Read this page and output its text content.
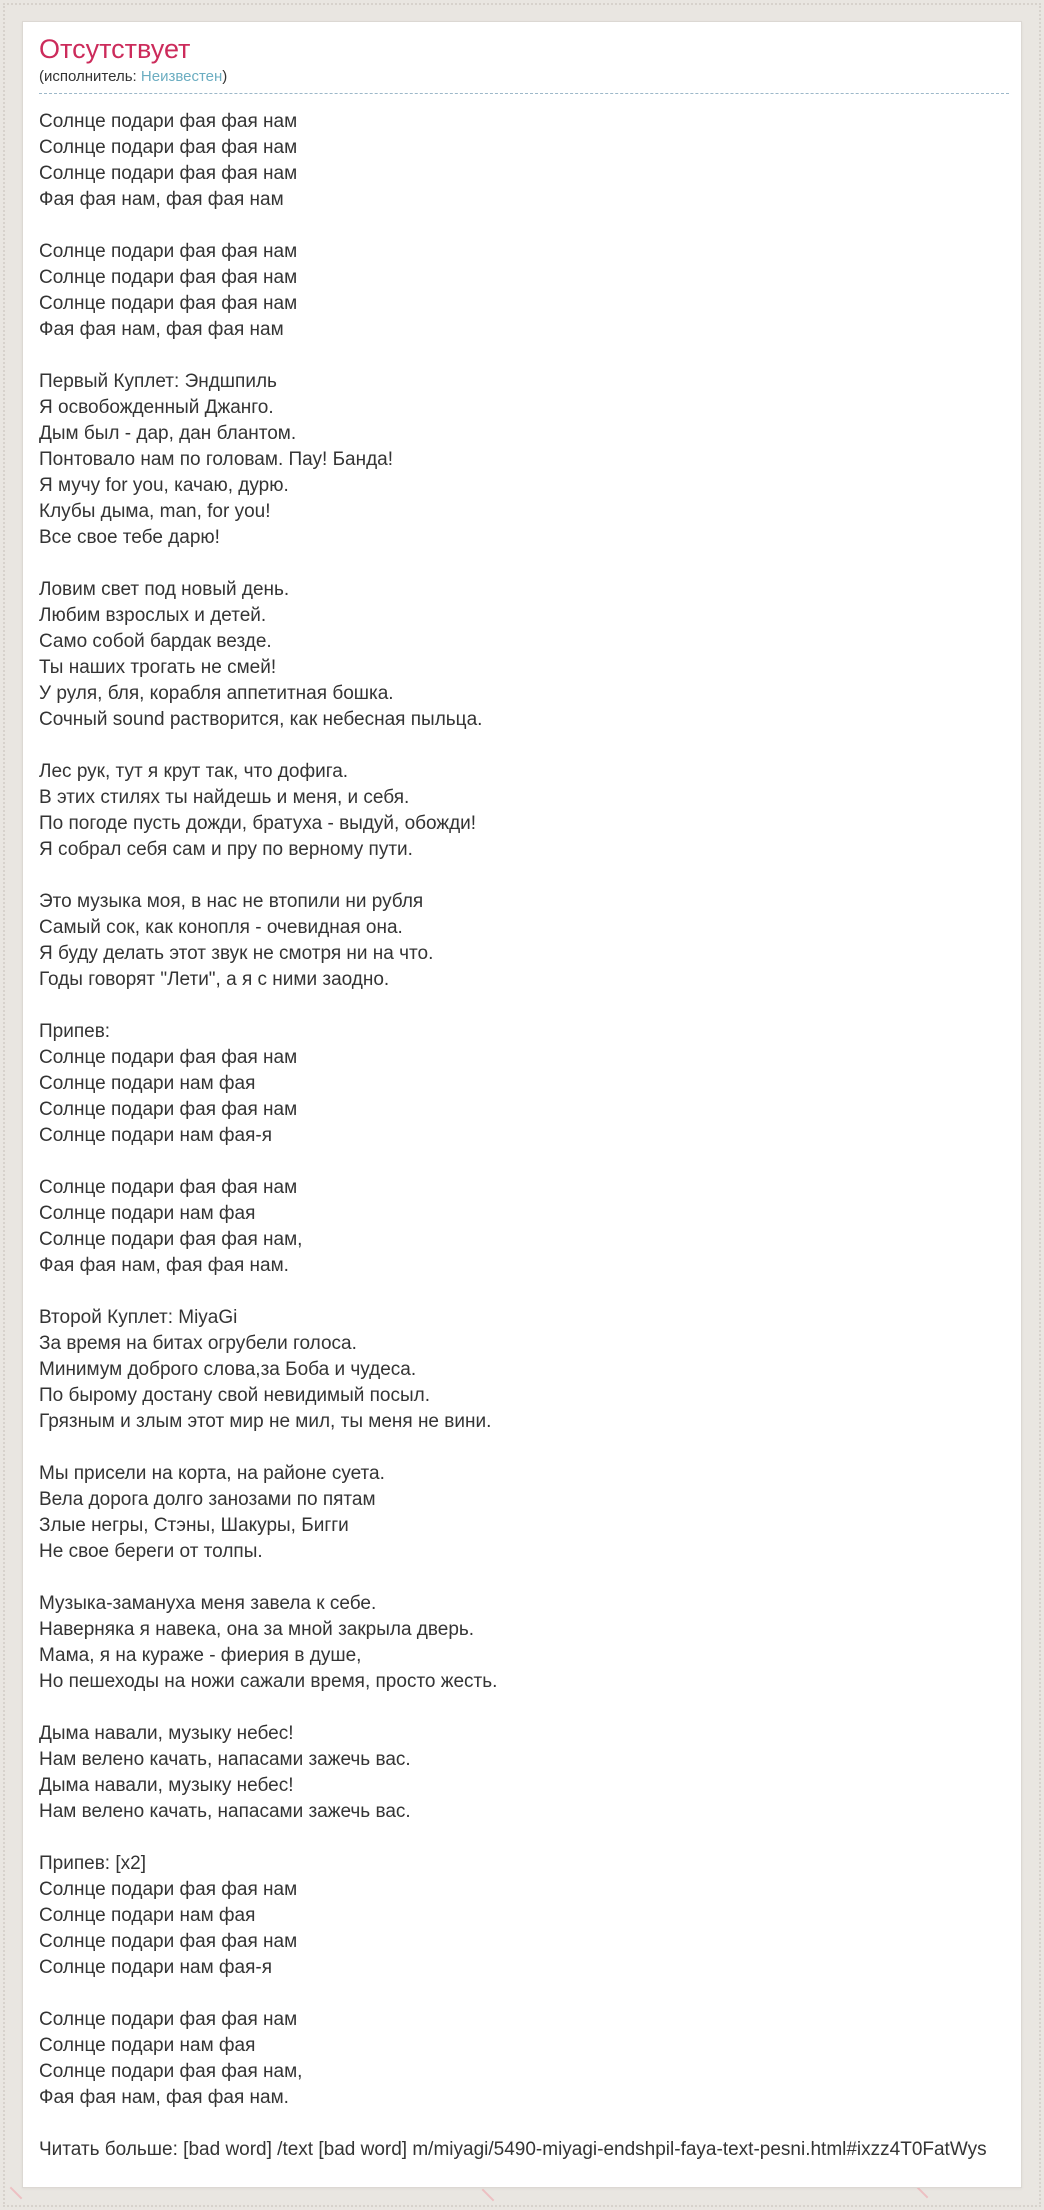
Отсутствует
(исполнитель: Неизвестен)
Солнце подари фая фая нам
Солнце подари фая фая нам
Солнце подари фая фая нам
Фая фая нам, фая фая нам
Солнце подари фая фая нам
Солнце подари фая фая нам
Солнце подари фая фая нам
Фая фая нам, фая фая нам
Первый Куплет: Эндшпиль
Я освобожденный Джанго.
Дым был - дар, дан блантом.
Понтовало нам по головам. Пау! Банда!
Я мучу for you, качаю, дурю.
Клубы дыма, man, for you!
Все свое тебе дарю!
Ловим свет под новый день.
Любим взрослых и детей.
Само собой бардак везде.
Ты наших трогать не смей!
У руля, бля, корабля аппетитная бошка.
Сочный sound растворится, как небесная пыльца.
Лес рук, тут я крут так, что дофига.
В этих стилях ты найдешь и меня, и себя.
По погоде пусть дожди, братуха - выдуй, обожди!
Я собрал себя сам и пру по верному пути.
Это музыка моя, в нас не втопили ни рубля
Самый сок, как конопля - очевидная она.
Я буду делать этот звук не смотря ни на что.
Годы говорят "Лети", а я с ними заодно.
Припев:
Солнце подари фая фая нам
Солнце подари нам фая
Солнце подари фая фая нам
Солнце подари нам фая-я
Солнце подари фая фая нам
Солнце подари нам фая
Солнце подари фая фая нам,
Фая фая нам, фая фая нам.
Второй Куплет: MiyaGi
За время на битах огрубели голоса.
Минимум доброго слова,за Боба и чудеса.
По бырому достану свой невидимый посыл.
Грязным и злым этот мир не мил, ты меня не вини.
Мы присели на корта, на районе суета.
Вела дорога долго занозами по пятам
Злые негры, Стэны, Шакуры, Бигги
Не свое береги от толпы.
Музыка-замануха меня завела к себе.
Наверняка я навека, она за мной закрыла дверь.
Мама, я на кураже - фиерия в душе,
Но пешеходы на ножи сажали время, просто жесть.
Дыма навали, музыку небес!
Нам велено качать, напасами зажечь вас.
Дыма навали, музыку небес!
Нам велено качать, напасами зажечь вас.
Припев: [x2]
Солнце подари фая фая нам
Солнце подари нам фая
Солнце подари фая фая нам
Солнце подари нам фая-я
Солнце подари фая фая нам
Солнце подари нам фая
Солнце подари фая фая нам,
Фая фая нам, фая фая нам.
Читать больше: [bad word] /text [bad word] m/miyagi/5490-miyagi-endshpil-faya-text-pesni.html#ixzz4T0FatWys
